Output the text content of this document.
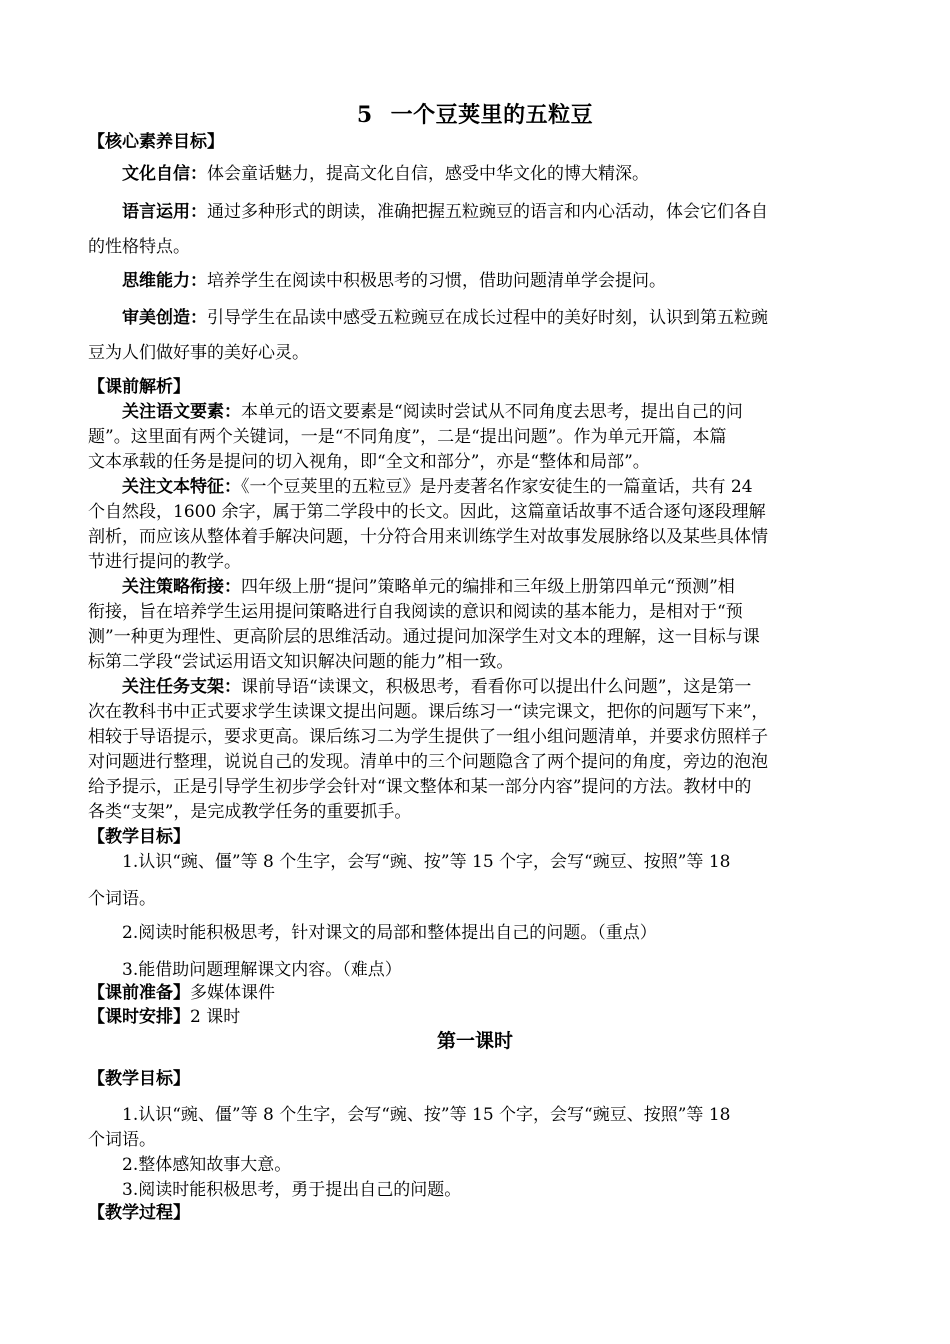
5 一个豆荚里的五粒豆
【核心素养目标】
文化自信：体会童话魅力，提高文化自信，感受中华文化的博大精深。
语言运用：通过多种形式的朗读，准确把握五粒豌豆的语言和内心活动，体会它们各自
的性格特点。
思维能力：培养学生在阅读中积极思考的习惯，借助问题清单学会提问。
审美创造：引导学生在品读中感受五粒豌豆在成长过程中的美好时刻，认识到第五粒豌
豆为人们做好事的美好心灵。
【课前解析】
关注语文要素：本单元的语文要素是“阅读时尝试从不同角度去思考，提出自己的问
题”。这里面有两个关键词，一是“不同角度”，二是“提出问题”。作为单元开篇，本篇
文本承载的任务是提问的切入视角，即“全文和部分”，亦是“整体和局部”。
关注文本特征：《一个豆荚里的五粒豆》是丹麦著名作家安徒生的一篇童话，共有 24
个自然段，1600 余字，属于第二学段中的长文。因此，这篇童话故事不适合逐句逐段理解
剖析，而应该从整体着手解决问题，十分符合用来训练学生对故事发展脉络以及某些具体情
节进行提问的教学。
关注策略衔接：四年级上册“提问”策略单元的编排和三年级上册第四单元“预测”相
衔接，旨在培养学生运用提问策略进行自我阅读的意识和阅读的基本能力，是相对于“预
测”一种更为理性、更高阶层的思维活动。通过提问加深学生对文本的理解，这一目标与课
标第二学段“尝试运用语文知识解决问题的能力”相一致。
关注任务支架：课前导语“读课文，积极思考，看看你可以提出什么问题”，这是第一
次在教科书中正式要求学生读课文提出问题。课后练习一“读完课文，把你的问题写下来”，
相较于导语提示，要求更高。课后练习二为学生提供了一组小组问题清单，并要求仿照样子
对问题进行整理，说说自己的发现。清单中的三个问题隐含了两个提问的角度，旁边的泡泡
给予提示，正是引导学生初步学会针对“课文整体和某一部分内容”提问的方法。教材中的
各类“支架”，是完成教学任务的重要抓手。
【教学目标】
1.认识“豌、僵”等 8 个生字，会写“豌、按”等 15 个字，会写“豌豆、按照”等 18
个词语。
2.阅读时能积极思考，针对课文的局部和整体提出自己的问题。（重点）
3.能借助问题理解课文内容。（难点）
【课前准备】多媒体课件
【课时安排】2 课时
第一课时
【教学目标】
1.认识“豌、僵”等 8 个生字，会写“豌、按”等 15 个字，会写“豌豆、按照”等 18
个词语。
2.整体感知故事大意。
3.阅读时能积极思考，勇于提出自己的问题。
【教学过程】
